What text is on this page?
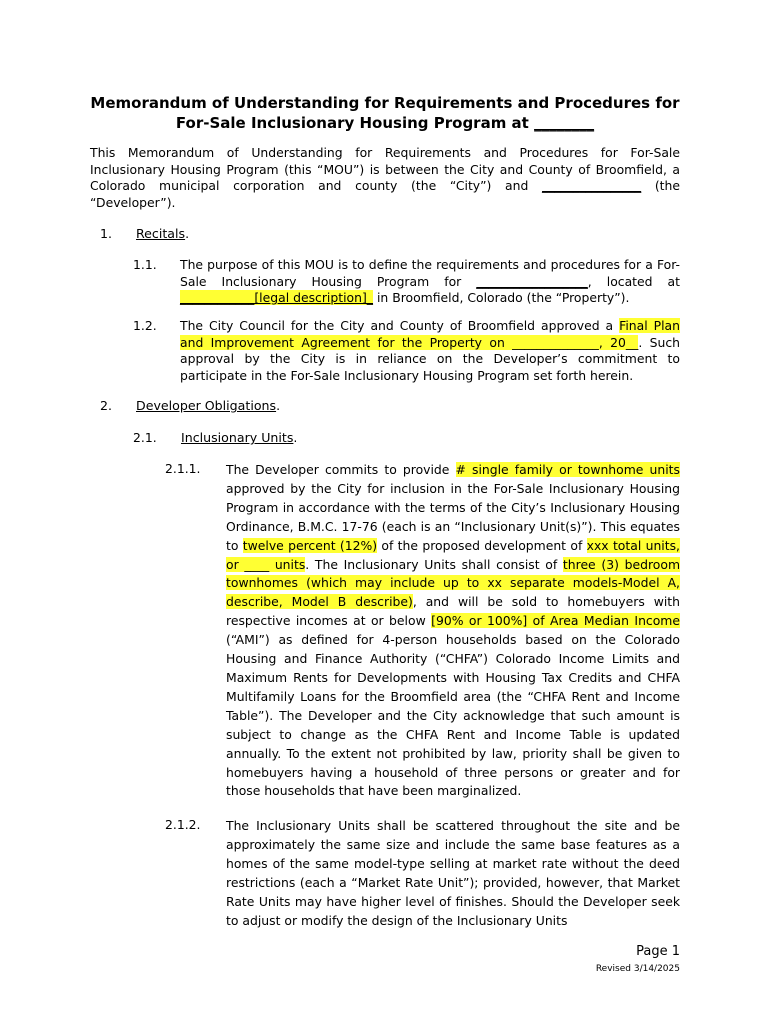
Memorandum of Understanding for Requirements and Procedures for
For-Sale Inclusionary Housing Program at ________
This Memorandum of Understanding for Requirements and Procedures for For-Sale Inclusionary Housing Program (this “MOU”) is between the City and County of Broomfield, a Colorado municipal corporation and county (the “City”) and ________________ (the “Developer”).
1. Recitals.
1.1. The purpose of this MOU is to define the requirements and procedures for a For-Sale Inclusionary Housing Program for __________________, located at ____________[legal description]_ in Broomfield, Colorado (the “Property”).
1.2. The City Council for the City and County of Broomfield approved a Final Plan and Improvement Agreement for the Property on ______________, 20__. Such approval by the City is in reliance on the Developer’s commitment to participate in the For-Sale Inclusionary Housing Program set forth herein.
2. Developer Obligations.
2.1. Inclusionary Units.
2.1.1. The Developer commits to provide # single family or townhome units approved by the City for inclusion in the For-Sale Inclusionary Housing Program in accordance with the terms of the City’s Inclusionary Housing Ordinance, B.M.C. 17-76 (each is an “Inclusionary Unit(s)”). This equates to twelve percent (12%) of the proposed development of xxx total units, or ____ units. The Inclusionary Units shall consist of three (3) bedroom townhomes (which may include up to xx separate models-Model A, describe, Model B describe), and will be sold to homebuyers with respective incomes at or below [90% or 100%] of Area Median Income (“AMI”) as defined for 4-person households based on the Colorado Housing and Finance Authority (“CHFA”) Colorado Income Limits and Maximum Rents for Developments with Housing Tax Credits and CHFA Multifamily Loans for the Broomfield area (the “CHFA Rent and Income Table”). The Developer and the City acknowledge that such amount is subject to change as the CHFA Rent and Income Table is updated annually. To the extent not prohibited by law, priority shall be given to homebuyers having a household of three persons or greater and for those households that have been marginalized.
2.1.2. The Inclusionary Units shall be scattered throughout the site and be approximately the same size and include the same base features as a homes of the same model-type selling at market rate without the deed restrictions (each a “Market Rate Unit”); provided, however, that Market Rate Units may have higher level of finishes. Should the Developer seek to adjust or modify the design of the Inclusionary Units
Page 1
Revised 3/14/2025
